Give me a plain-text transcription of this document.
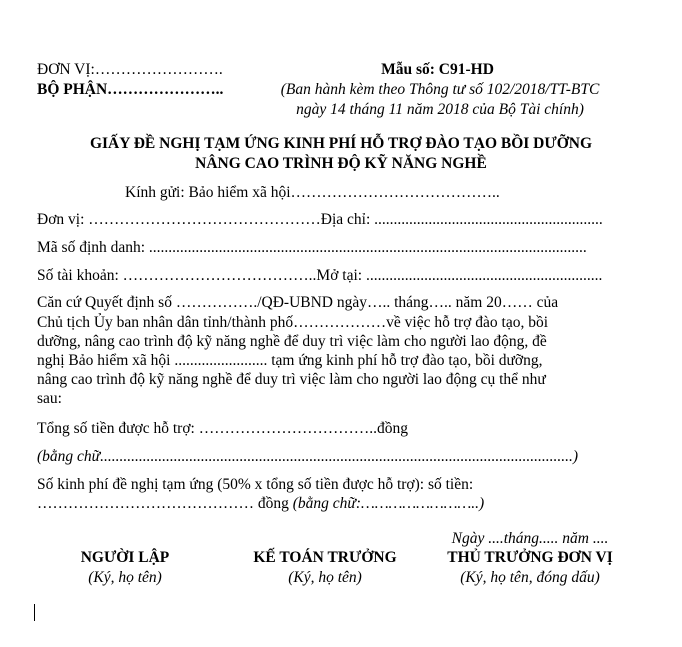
ĐƠN VỊ:…………………….
BỘ PHẬN…………………..
Mẫu số: C91-HD
(Ban hành kèm theo Thông tư số 102/2018/TT-BTC
ngày 14 tháng 11 năm 2018 của Bộ Tài chính)
GIẤY ĐỀ NGHỊ TẠM ỨNG KINH PHÍ HỖ TRỢ ĐÀO TẠO BỒI DƯỠNG
NÂNG CAO TRÌNH ĐỘ KỸ NĂNG NGHỀ
Kính gửi: Bảo hiểm xã hội…………………………………..
Đơn vị: ………………………………………Địa chỉ: ...........................................................
Mã số định danh: .................................................................................................................
Số tài khoản: ………………………………..Mở tại: .............................................................
Căn cứ Quyết định số ……………./QĐ-UBND ngày….. tháng….. năm 20…… của
Chủ tịch Ủy ban nhân dân tỉnh/thành phố………………về việc hỗ trợ đào tạo, bồi
dưỡng, nâng cao trình độ kỹ năng nghề để duy trì việc làm cho người lao động, đề
nghị Bảo hiểm xã hội ........................ tạm ứng kinh phí hỗ trợ đào tạo, bồi dưỡng,
nâng cao trình độ kỹ năng nghề để duy trì việc làm cho người lao động cụ thể như
sau:
Tổng số tiền được hỗ trợ: ……………………………..đồng
(bằng chữ..........................................................................................................................)
Số kinh phí đề nghị tạm ứng (50% x tổng số tiền được hỗ trợ): số tiền:
…………………………………… đồng (bằng chữ:……………………..)
Ngày ....tháng..... năm ....
NGƯỜI LẬP
(Ký, họ tên)
KẾ TOÁN TRƯỞNG
(Ký, họ tên)
THỦ TRƯỞNG ĐƠN VỊ
(Ký, họ tên, đóng dấu)
